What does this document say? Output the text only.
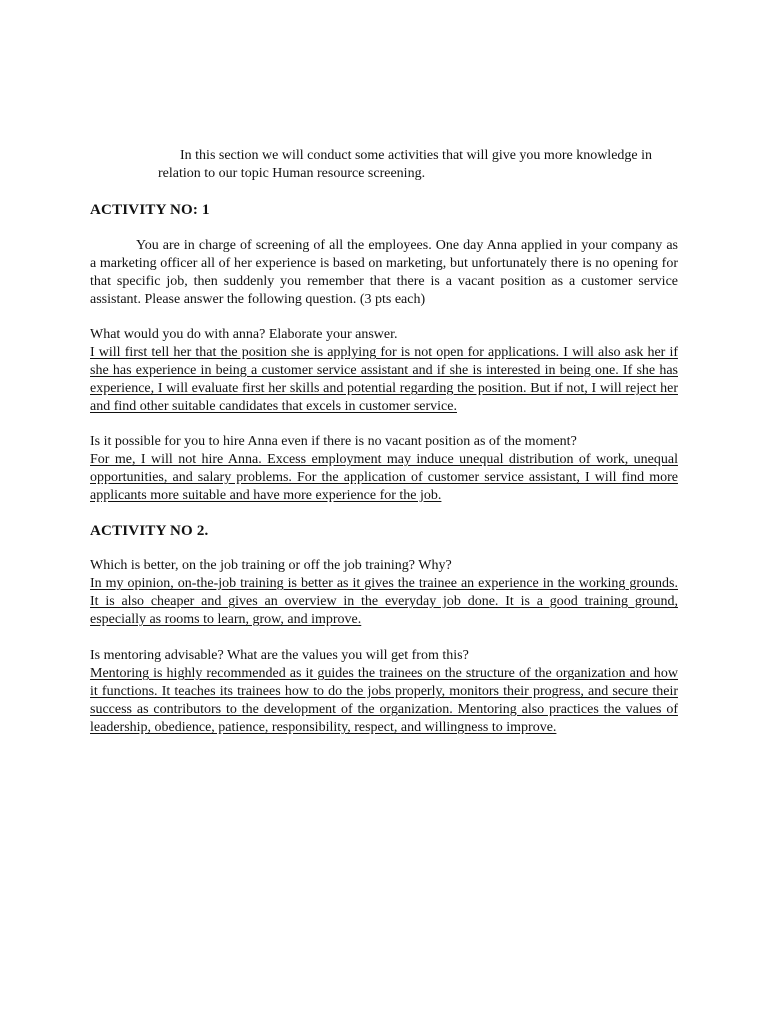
In this section we will conduct some activities that will give you more knowledge in relation to our topic Human resource screening.

ACTIVITY NO: 1

You are in charge of screening of all the employees. One day Anna applied in your company as a marketing officer all of her experience is based on marketing, but unfortunately there is no opening for that specific job, then suddenly you remember that there is a vacant position as a customer service assistant. Please answer the following question. (3 pts each)

What would you do with anna? Elaborate your answer.

I will first tell her that the position she is applying for is not open for applications. I will also ask her if she has experience in being a customer service assistant and if she is interested in being one. If she has experience, I will evaluate first her skills and potential regarding the position. But if not, I will reject her and find other suitable candidates that excels in customer service.

Is it possible for you to hire Anna even if there is no vacant position as of the moment?

For me, I will not hire Anna. Excess employment may induce unequal distribution of work, unequal opportunities, and salary problems. For the application of customer service assistant, I will find more applicants more suitable and have more experience for the job.

ACTIVITY NO 2.

Which is better, on the job training or off the job training? Why?

In my opinion, on-the-job training is better as it gives the trainee an experience in the working grounds. It is also cheaper and gives an overview in the everyday job done. It is a good training ground, especially as rooms to learn, grow, and improve.

Is mentoring advisable? What are the values you will get from this?

Mentoring is highly recommended as it guides the trainees on the structure of the organization and how it functions. It teaches its trainees how to do the jobs properly, monitors their progress, and secure their success as contributors to the development of the organization. Mentoring also practices the values of leadership, obedience, patience, responsibility, respect, and willingness to improve.
